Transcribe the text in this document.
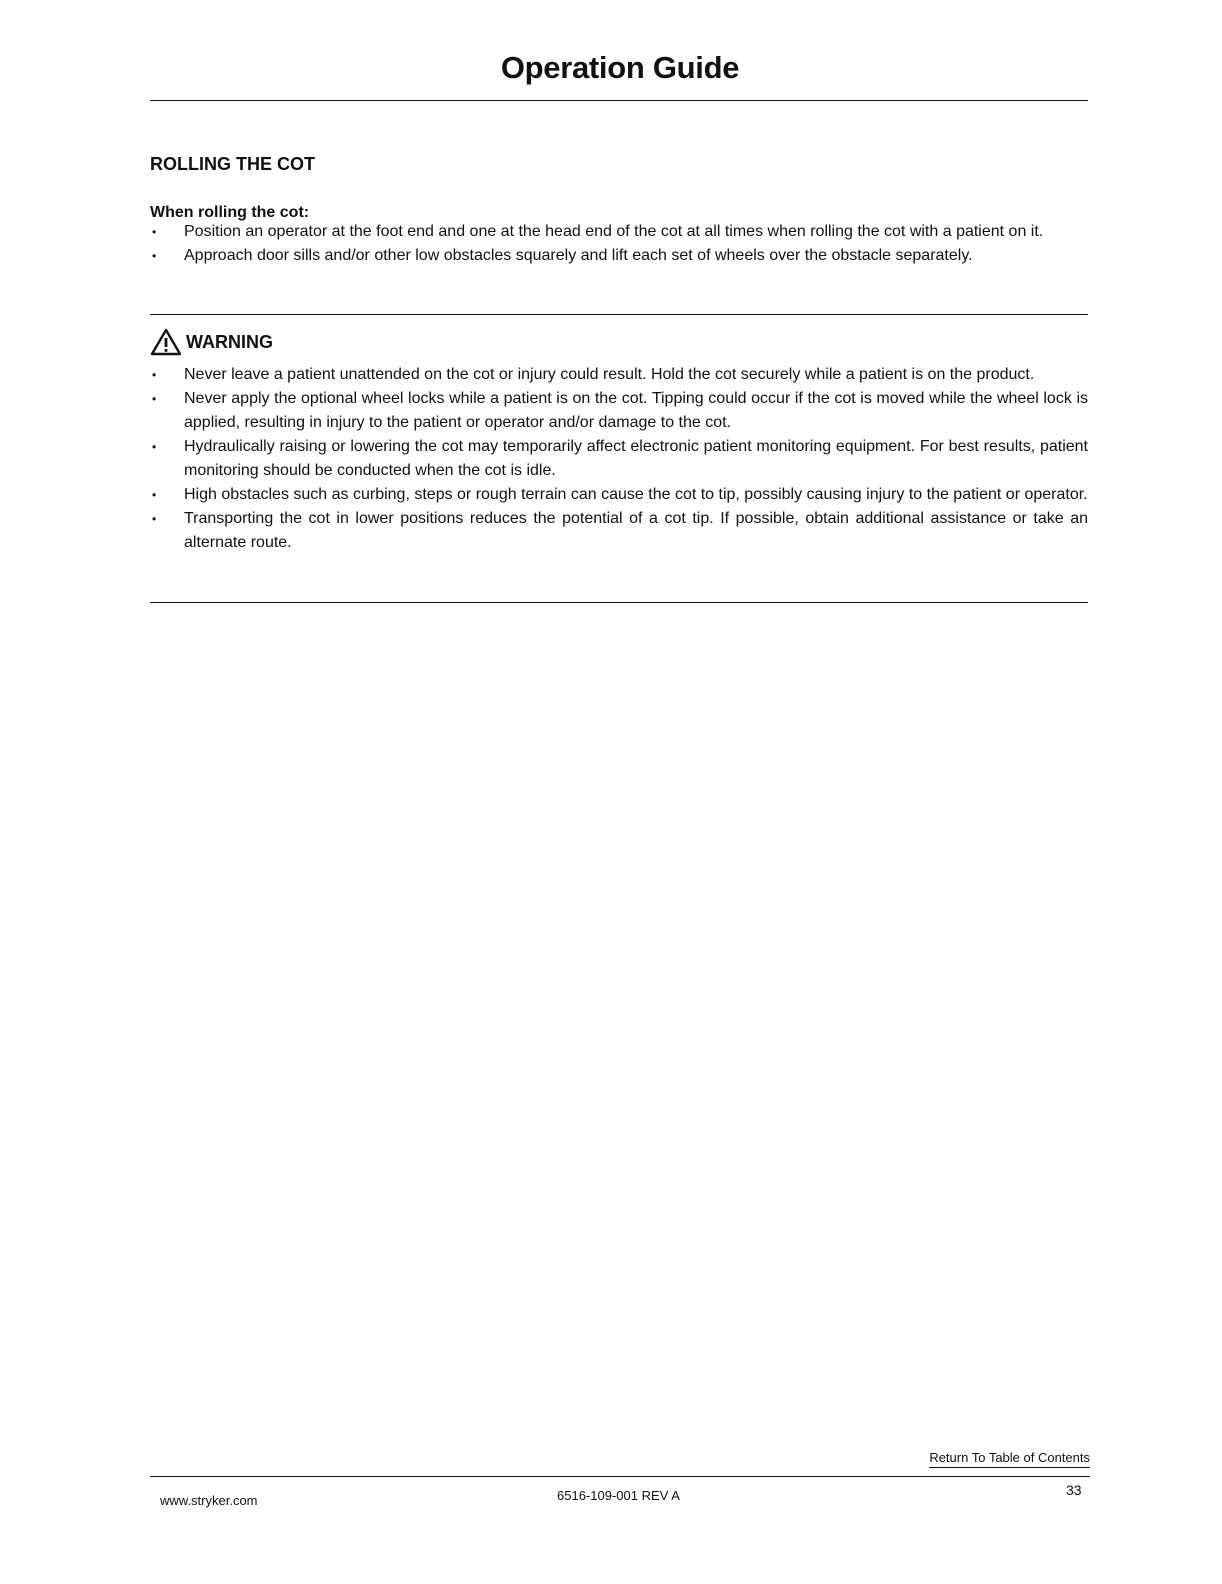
Operation Guide
ROLLING THE COT
When rolling the cot:
• Position an operator at the foot end and one at the head end of the cot at all times when rolling the cot with a patient on it.
• Approach door sills and/or other low obstacles squarely and lift each set of wheels over the obstacle separately.
WARNING
• Never leave a patient unattended on the cot or injury could result. Hold the cot securely while a patient is on the product.
• Never apply the optional wheel locks while a patient is on the cot. Tipping could occur if the cot is moved while the wheel lock is applied, resulting in injury to the patient or operator and/or damage to the cot.
• Hydraulically raising or lowering the cot may temporarily affect electronic patient monitoring equipment. For best results, patient monitoring should be conducted when the cot is idle.
• High obstacles such as curbing, steps or rough terrain can cause the cot to tip, possibly causing injury to the patient or operator.
• Transporting the cot in lower positions reduces the potential of a cot tip. If possible, obtain additional assistance or take an alternate route.
Return To Table of Contents
www.stryker.com	6516-109-001 REV A	33
